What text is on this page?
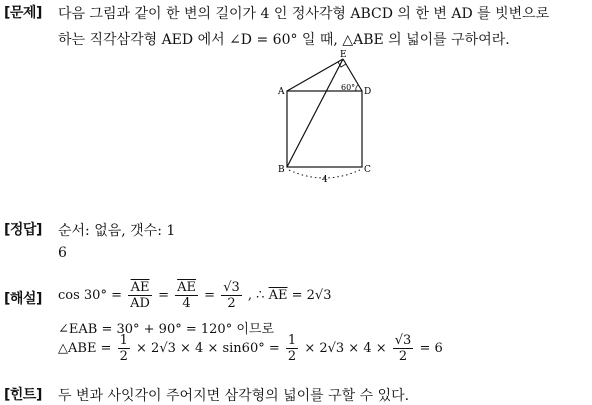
[문제] 다음 그림과 같이 한 변의 길이가 4 인 정사각형 ABCD 의 한 변 AD 를 빗변으로
하는 직각삼각형 AED 에서 ∠D = 60° 일 때, △ABE 의 넓이를 구하여라.
E
A	D
B	C
60°
4
[정답] 순서: 없음, 갯수: 1
6
[해설] $\cos 30^\circ = \frac{\overline{AE}}{AD} = \frac{\overline{AE}}{4} = \frac{√3}{2}$ , ∴ $\overline{AE} = 2√3$
∠EAB = 30° + 90° = 120° 이므로
△ABE = $\frac{1}{2} \times 2√3 \times 4 \times \sin 60^\circ = \frac{1}{2} \times 2√3 \times 4 \times \frac{√3}{2} = 6$
[힌트] 두 변과 사잇각이 주어지면 삼각형의 넓이를 구할 수 있다.
